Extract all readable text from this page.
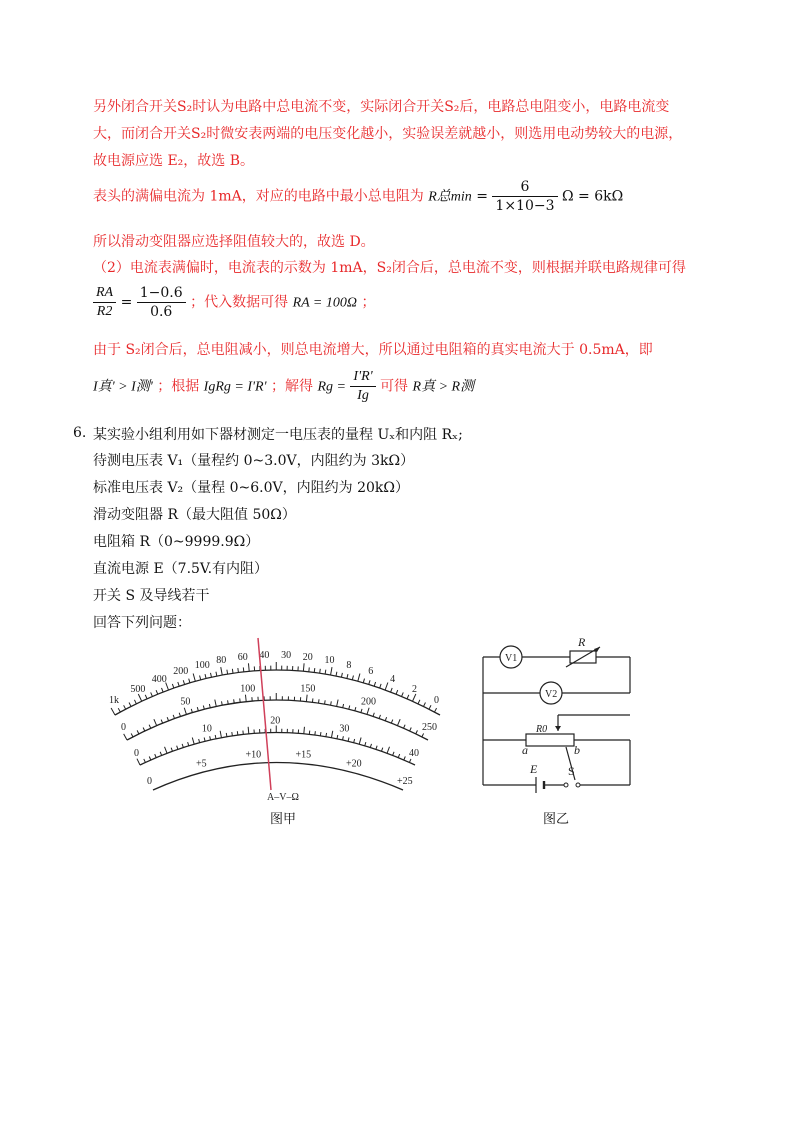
另外闭合开关S₂时认为电路中总电流不变，实际闭合开关S₂后，电路总电阻变小，电路电流变
大，而闭合开关S₂时微安表两端的电压变化越小，实验误差就越小，则选用电动势较大的电源，
故电源应选 E₂，故选 B。
表头的满偏电流为 1mA，对应的电路中最小总电阻为 R总$\min = \frac{6}{1\times 10-3}$ Ω = 6kΩ
所以滑动变阻器应选择阻值较大的，故选 D。
（2）电流表满偏时，电流表的示数为 1mA，S₂闭合后，总电流不变，则根据并联电路规律可得
$\frac{RA}{R2} = \frac{1-0.6}{0.6}$ ；代入数据可得 RA = 100Ω ；
由于 S₂闭合后，总电阻减小，则总电流增大，所以通过电阻箱的真实电流大于 0.5mA，即
I真' > I测' ；根据 IgRg = I'R' ；解得 $Rg = \frac{I'R'}{Ig}$ 可得 R真 > R测
6. 某实验小组利用如下器材测定一电压表的量程 Uₓ和内阻 Rₓ;
待测电压表 V₁（量程约 0~3.0V，内阻约为 3kΩ）
标准电压表 V₂（量程 0~6.0V，内阻约为 20kΩ）
滑动变阻器 R（最大阻值 50Ω）
电阻箱 R（0~9999.9Ω）
直流电源 E（7.5V.有内阻）
开关 S 及导线若干
回答下列问题：
1k
500
400
200
100 80 60 40 30 20 10 8
6
4
2
0
0
50
100	150
200
250
0
10
20
30
40
0
+5
+10	+15
+20
+25
A–V–Ω
图甲
V1
V2
R
R0
a	b
E	S
图乙
